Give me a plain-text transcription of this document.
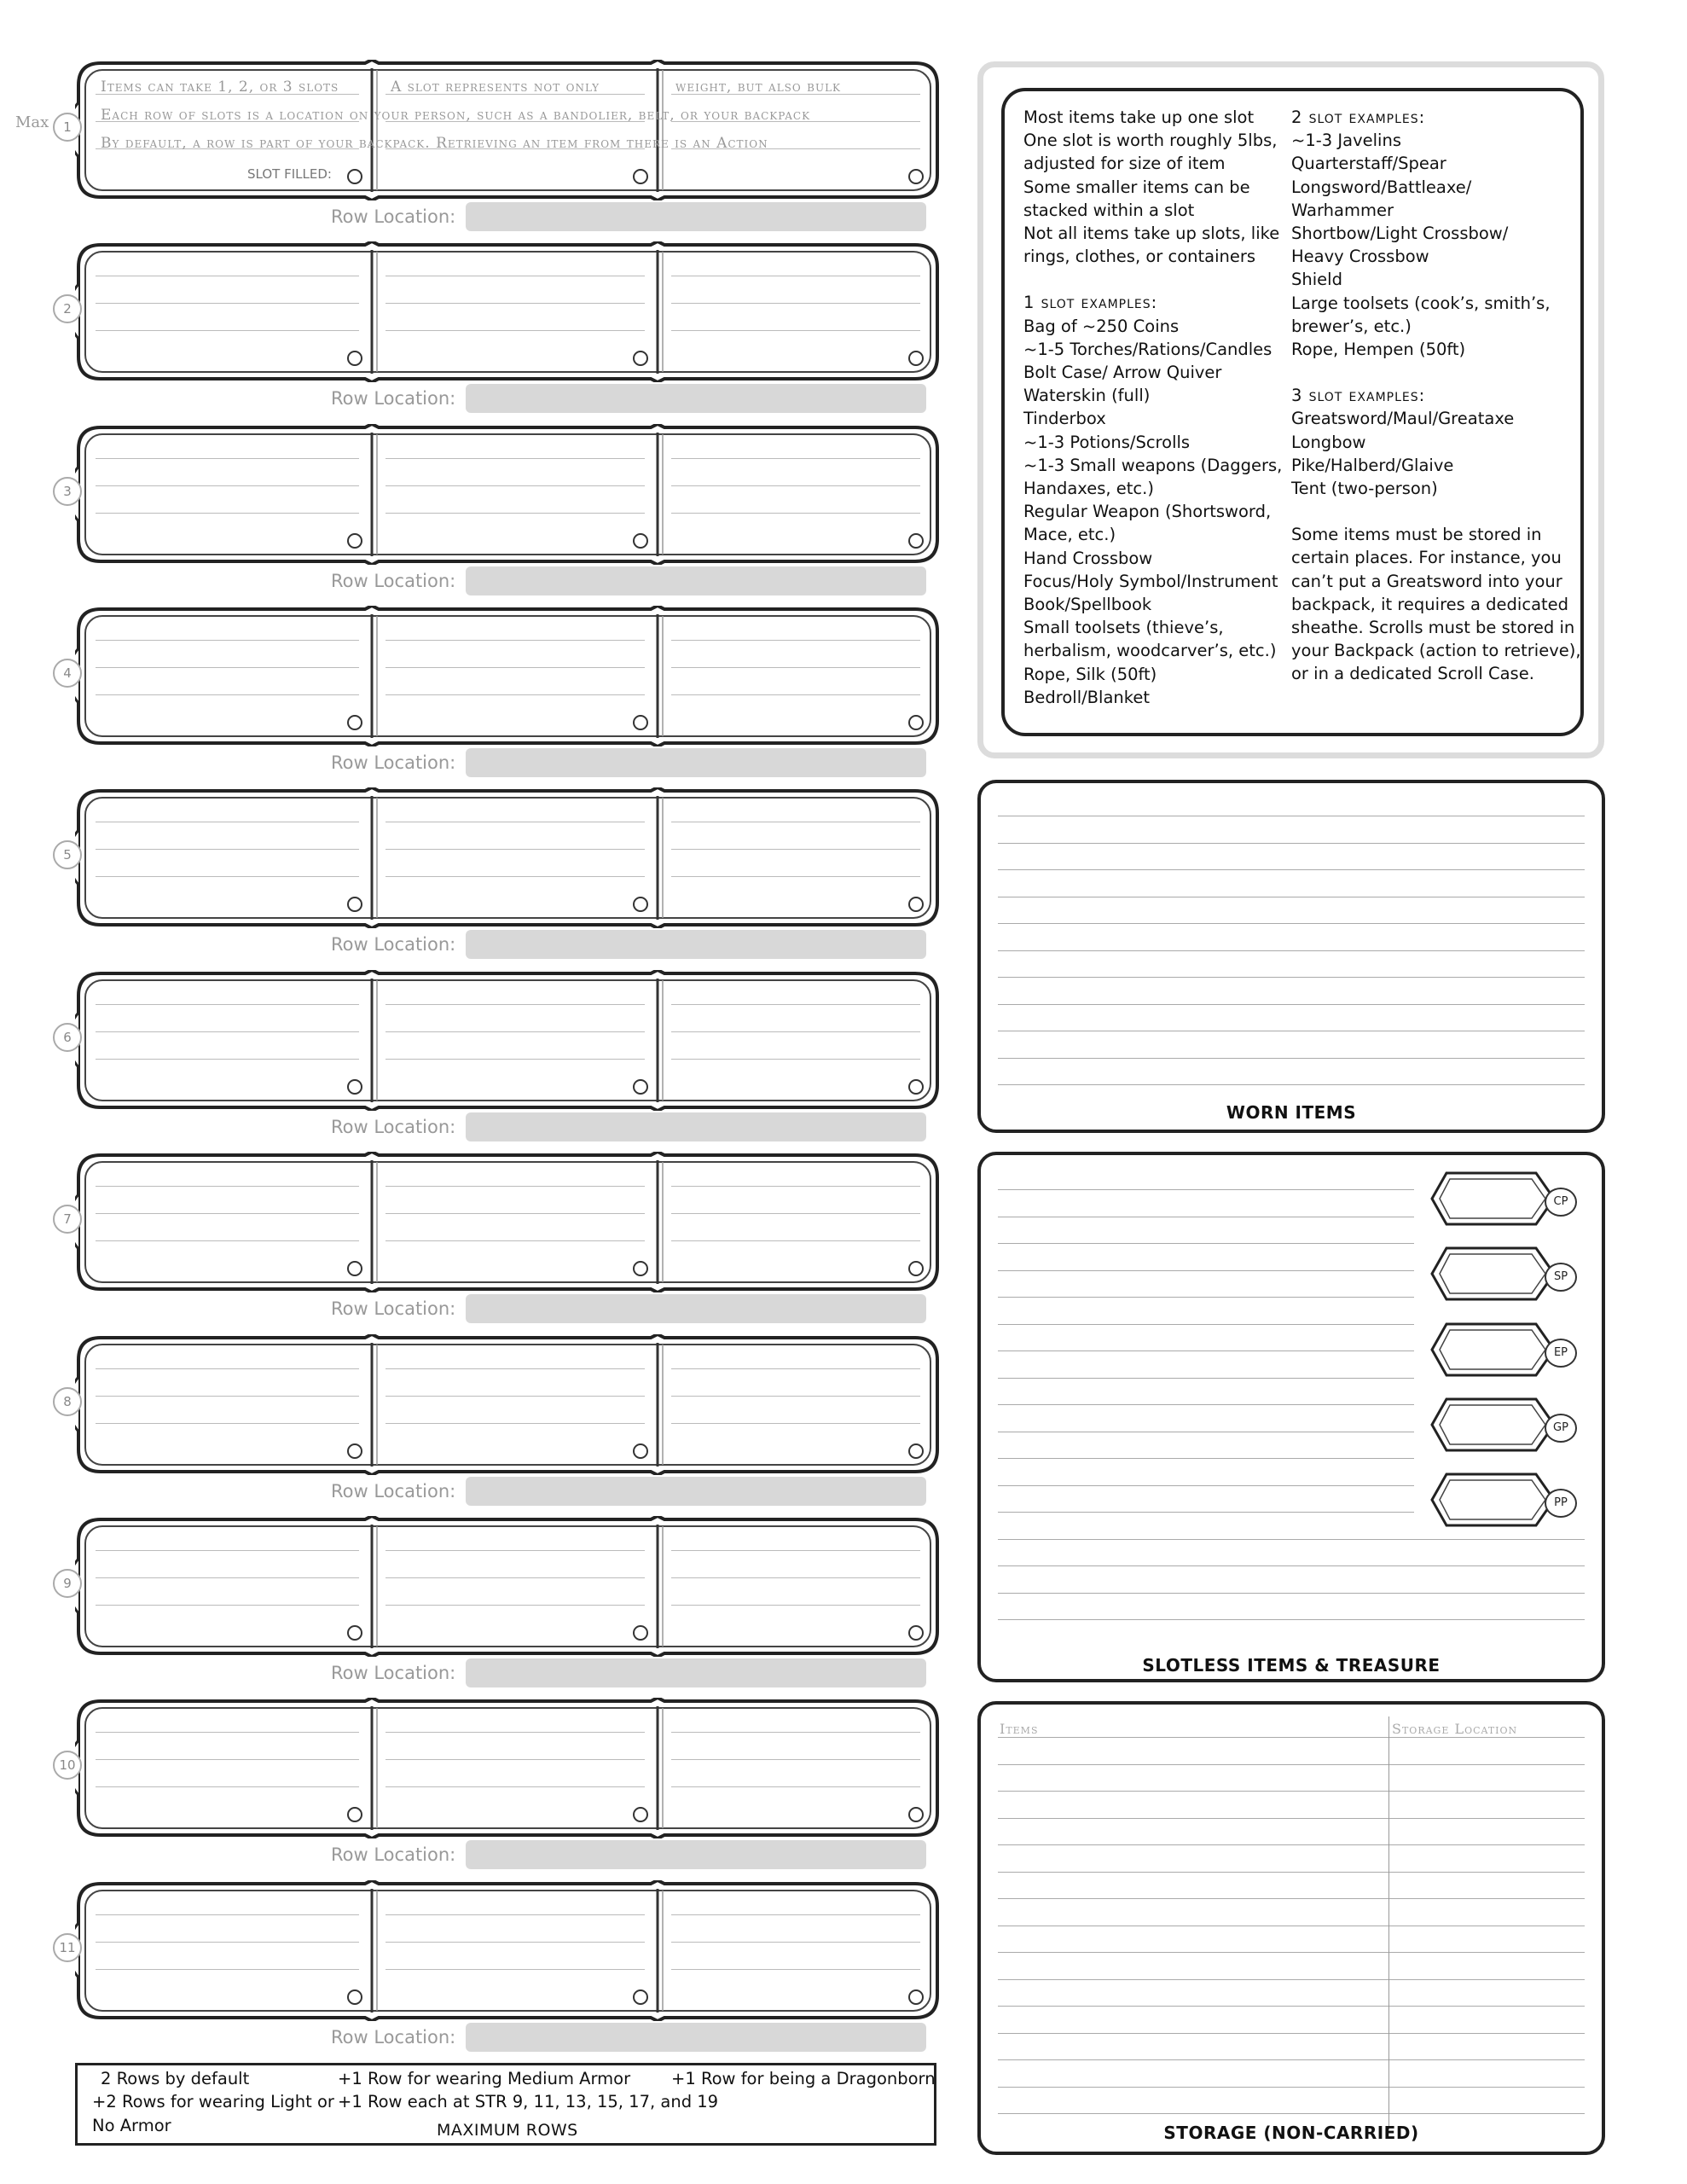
Max	1
Row Location:
2
Row Location:
3
Row Location:
4
Row Location:
5
Row Location:
6
Row Location:
7
Row Location:
8
Row Location:
9
Row Location:
10
Row Location:
11
Row Location:
Items can take 1, 2, or 3 slots	A slot represents not only	weight, but also bulk
Each row of slots is a location on your person, such as a bandolier, belt, or your backpack
By default, a row is part of your backpack. Retrieving an item from there is an Action
SLOT FILLED:
Most items take up one slot
One slot is worth roughly 5lbs,
adjusted for size of item
Some smaller items can be
stacked within a slot
Not all items take up slots, like
rings, clothes, or containers
1 slot examples:
Bag of ~250 Coins
~1-5 Torches/Rations/Candles
Bolt Case/ Arrow Quiver
Waterskin (full)
Tinderbox
~1-3 Potions/Scrolls
~1-3 Small weapons (Daggers,
Handaxes, etc.)
Regular Weapon (Shortsword,
Mace, etc.)
Hand Crossbow
Focus/Holy Symbol/Instrument
Book/Spellbook
Small toolsets (thieve’s,
herbalism, woodcarver’s, etc.)
Rope, Silk (50ft)
Bedroll/Blanket
2 slot examples:
~1-3 Javelins
Quarterstaff/Spear
Longsword/Battleaxe/
Warhammer
Shortbow/Light Crossbow/
Heavy Crossbow
Shield
Large toolsets (cook’s, smith’s,
brewer’s, etc.)
Rope, Hempen (50ft)
3 slot examples:
Greatsword/Maul/Greataxe
Longbow
Pike/Halberd/Glaive
Tent (two-person)
Some items must be stored in
certain places. For instance, you
can’t put a Greatsword into your
backpack, it requires a dedicated
sheathe. Scrolls must be stored in
your Backpack (action to retrieve),
or in a dedicated Scroll Case.
WORN ITEMS
CP
SP
EP
GP
PP
SLOTLESS ITEMS & TREASURE
Items	Storage Location
STORAGE (NON-CARRIED)
2 Rows by default	+1 Row for wearing Medium Armor +1 Row for being a Dragonborn
+2 Rows for wearing Light or +1 Row each at STR 9, 11, 13, 15, 17, and 19
No Armor	MAXIMUM ROWS
